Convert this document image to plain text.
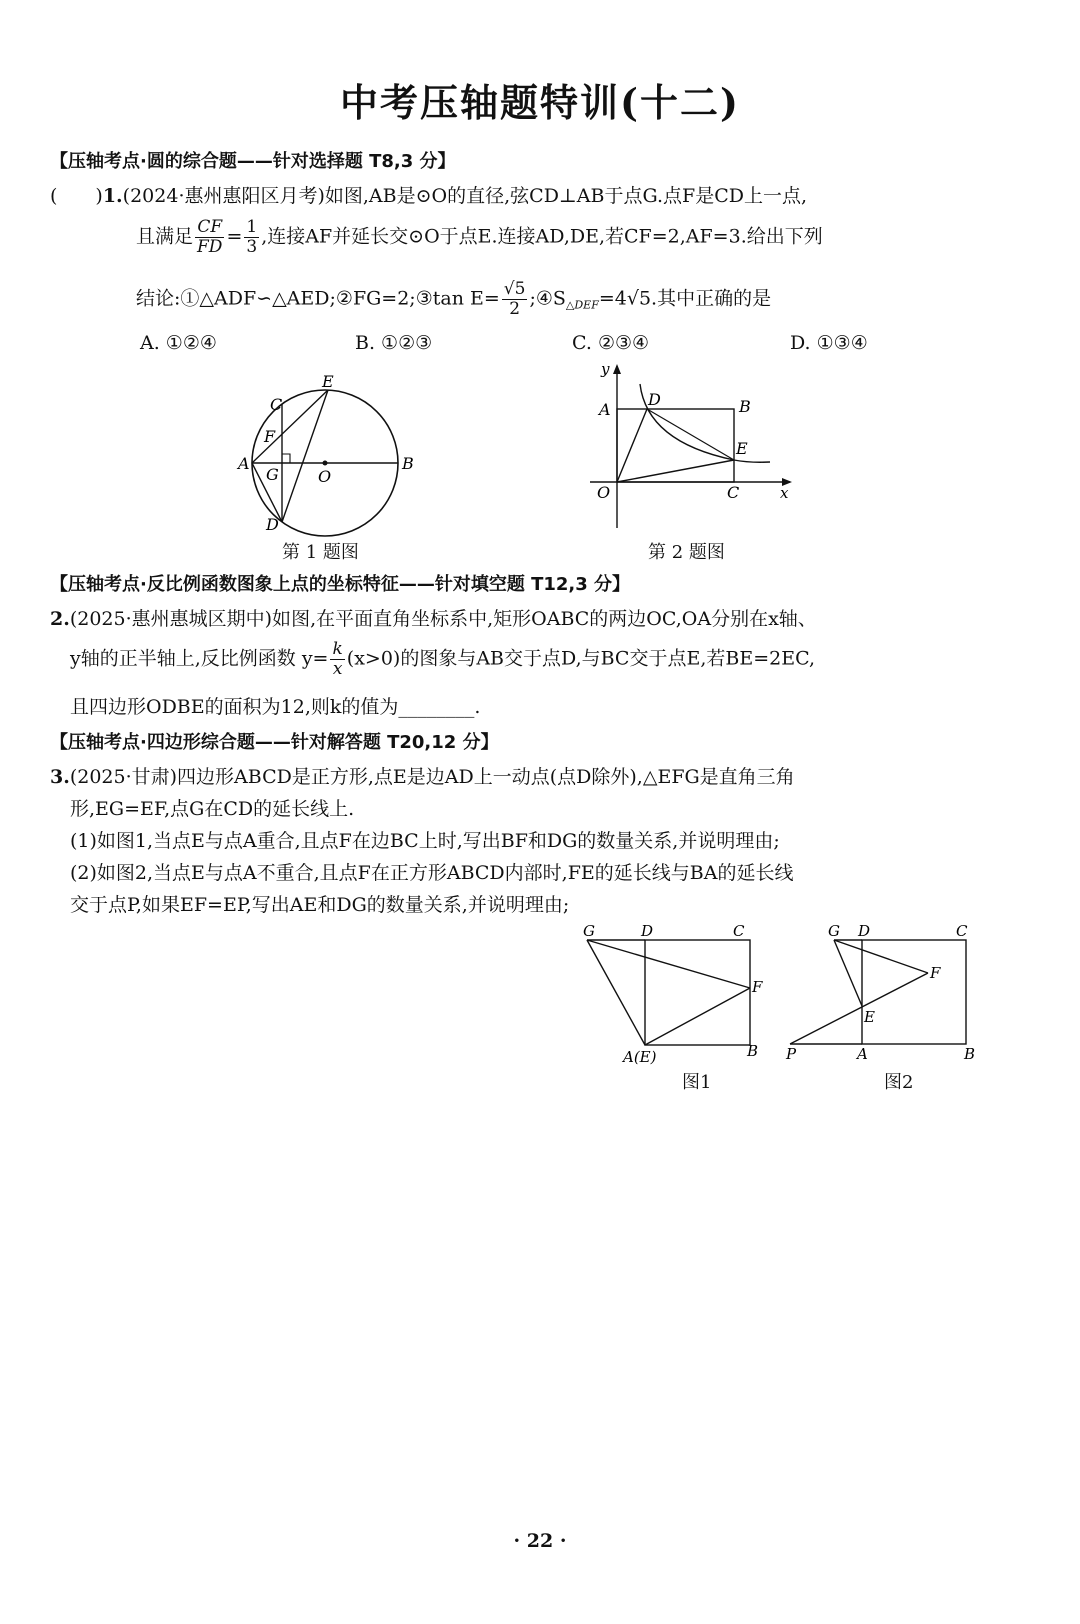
中考压轴题特训(十二)
【压轴考点·圆的综合题——针对选择题 T8,3 分】
(　　)1.(2024·惠州惠阳区月考)如图,AB是⊙O的直径,弦CD⊥AB于点G.点F是CD上一点,
且满足 $\frac{CF}{FD} = \frac{1}{3}$ ,连接AF并延长交⊙O于点E.连接AD,DE,若CF=2,AF=3.给出下列
结论:①△ADF∽△AED;②FG=2;③tan $E= \frac{√5}{2}$ $;④S_{\triangle DEF}=4√5$.其中正确的是
A. ①②④	B. ①②③	C. ②③④	D. ①③④
A	B
C
D
E
F
G O
第 1 题图
y
x
A	B
C
D
E
O
第 2 题图
【压轴考点·反比例函数图象上点的坐标特征——针对填空题 T12,3 分】
2.(2025·惠州惠城区期中)如图,在平面直角坐标系中,矩形OABC的两边OC,OA分别在x轴、
y轴的正半轴上,反比例函数 $y= \frac{k}{x} (x>0)$的图象与AB交于点D,与BC交于点E,若BE=2EC,
且四边形ODBE的面积为12,则k的值为________.
【压轴考点·四边形综合题——针对解答题 T20,12 分】
3.(2025·甘肃)四边形ABCD是正方形,点E是边AD上一动点(点D除外),△EFG是直角三角
形,EG=EF,点G在CD的延长线上.
(1)如图1,当点E与点A重合,且点F在边BC上时,写出BF和DG的数量关系,并说明理由;
(2)如图2,当点E与点A不重合,且点F在正方形ABCD内部时,FE的延长线与BA的延长线
交于点P,如果EF=EP,写出AE和DG的数量关系,并说明理由;
G	D	C
F
A(E)	B
图1
G D	C
F
E
P	A	B
图2
· 22 ·
